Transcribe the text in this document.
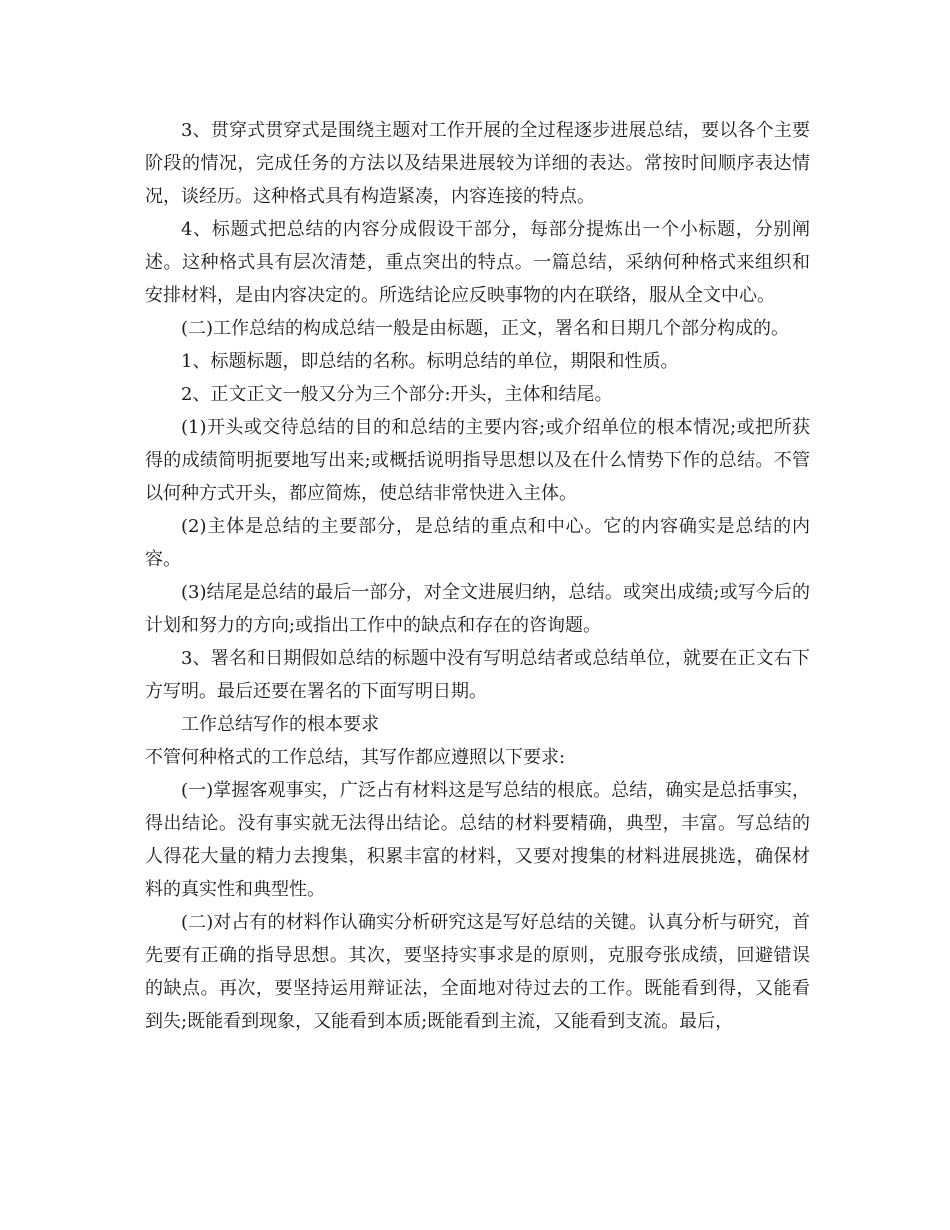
3、贯穿式贯穿式是围绕主题对工作开展的全过程逐步进展总结，要以各个主要阶段的情况，完成任务的方法以及结果进展较为详细的表达。常按时间顺序表达情况，谈经历。这种格式具有构造紧凑，内容连接的特点。

4、标题式把总结的内容分成假设干部分，每部分提炼出一个小标题，分别阐述。这种格式具有层次清楚，重点突出的特点。一篇总结，采纳何种格式来组织和安排材料，是由内容决定的。所选结论应反映事物的内在联络，服从全文中心。

(二)工作总结的构成总结一般是由标题，正文，署名和日期几个部分构成的。

1、标题标题，即总结的名称。标明总结的单位，期限和性质。

2、正文正文一般又分为三个部分:开头，主体和结尾。

(1)开头或交待总结的目的和总结的主要内容;或介绍单位的根本情况;或把所获得的成绩简明扼要地写出来;或概括说明指导思想以及在什么情势下作的总结。不管以何种方式开头，都应简炼，使总结非常快进入主体。

(2)主体是总结的主要部分，是总结的重点和中心。它的内容确实是总结的内容。

(3)结尾是总结的最后一部分，对全文进展归纳，总结。或突出成绩;或写今后的计划和努力的方向;或指出工作中的缺点和存在的咨询题。

3、署名和日期假如总结的标题中没有写明总结者或总结单位，就要在正文右下方写明。最后还要在署名的下面写明日期。

工作总结写作的根本要求

不管何种格式的工作总结，其写作都应遵照以下要求:

(一)掌握客观事实，广泛占有材料这是写总结的根底。总结，确实是总括事实，得出结论。没有事实就无法得出结论。总结的材料要精确，典型，丰富。写总结的人得花大量的精力去搜集，积累丰富的材料，又要对搜集的材料进展挑选，确保材料的真实性和典型性。

(二)对占有的材料作认确实分析研究这是写好总结的关键。认真分析与研究，首先要有正确的指导思想。其次，要坚持实事求是的原则，克服夸张成绩，回避错误的缺点。再次，要坚持运用辩证法，全面地对待过去的工作。既能看到得，又能看到失;既能看到现象，又能看到本质;既能看到主流，又能看到支流。最后，
